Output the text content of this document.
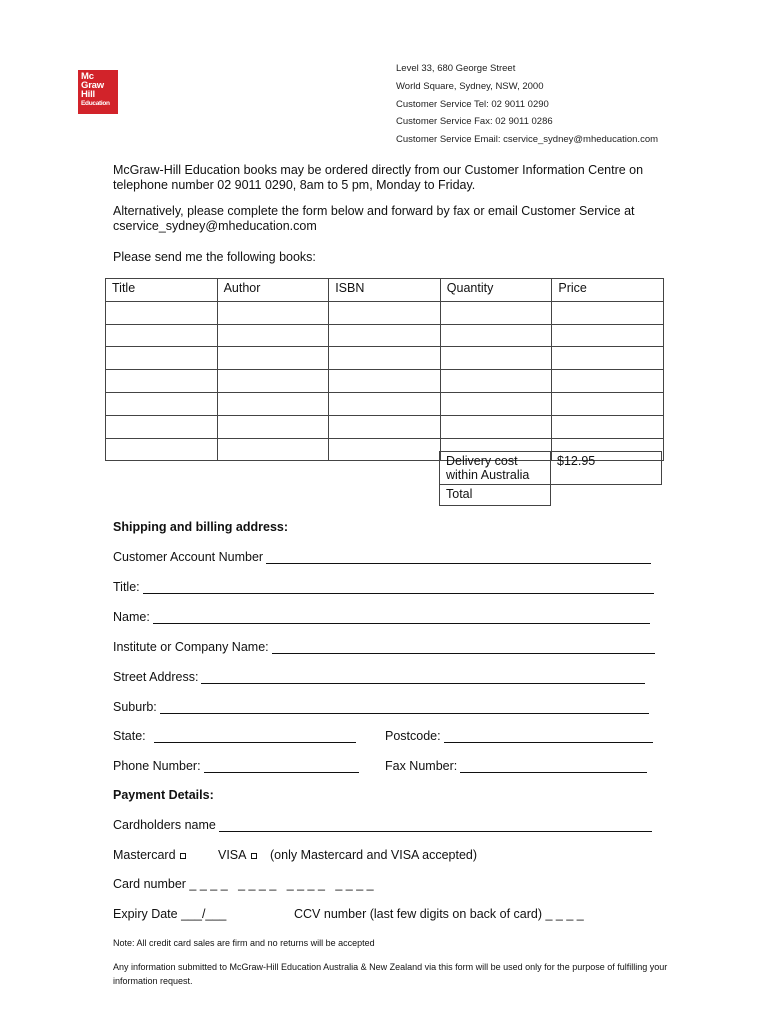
Mc
Graw
Hill
Education
Level 33, 680 George Street
World Square, Sydney, NSW, 2000
Customer Service Tel: 02 9011 0290
Customer Service Fax: 02 9011 0286
Customer Service Email: cservice_sydney@mheducation.com
McGraw-Hill Education books may be ordered directly from our Customer Information Centre on telephone number 02 9011 0290, 8am to 5 pm, Monday to Friday.
Alternatively, please complete the form below and forward by fax or email Customer Service at cservice_sydney@mheducation.com
Please send me the following books:
Title	Author	ISBN	Quantity	Price

Delivery cost within Australia	$12.95
Total	
Shipping and billing address:
Customer Account Number
Title:
Name:
Institute or Company Name:
Street Address:
Suburb:
State:	Postcode:
Phone Number:	Fax Number:
Payment Details:
Cardholders name
Mastercard	VISA	(only Mastercard and VISA accepted)
Card number _ _ _ _   _ _ _ _   _ _ _ _   _ _ _ _
Expiry Date ___/___	CCV number (last few digits on back of card) _ _ _ _
Note: All credit card sales are firm and no returns will be accepted
Any information submitted to McGraw-Hill Education Australia & New Zealand via this form will be used only for the purpose of fulfilling your information request.
